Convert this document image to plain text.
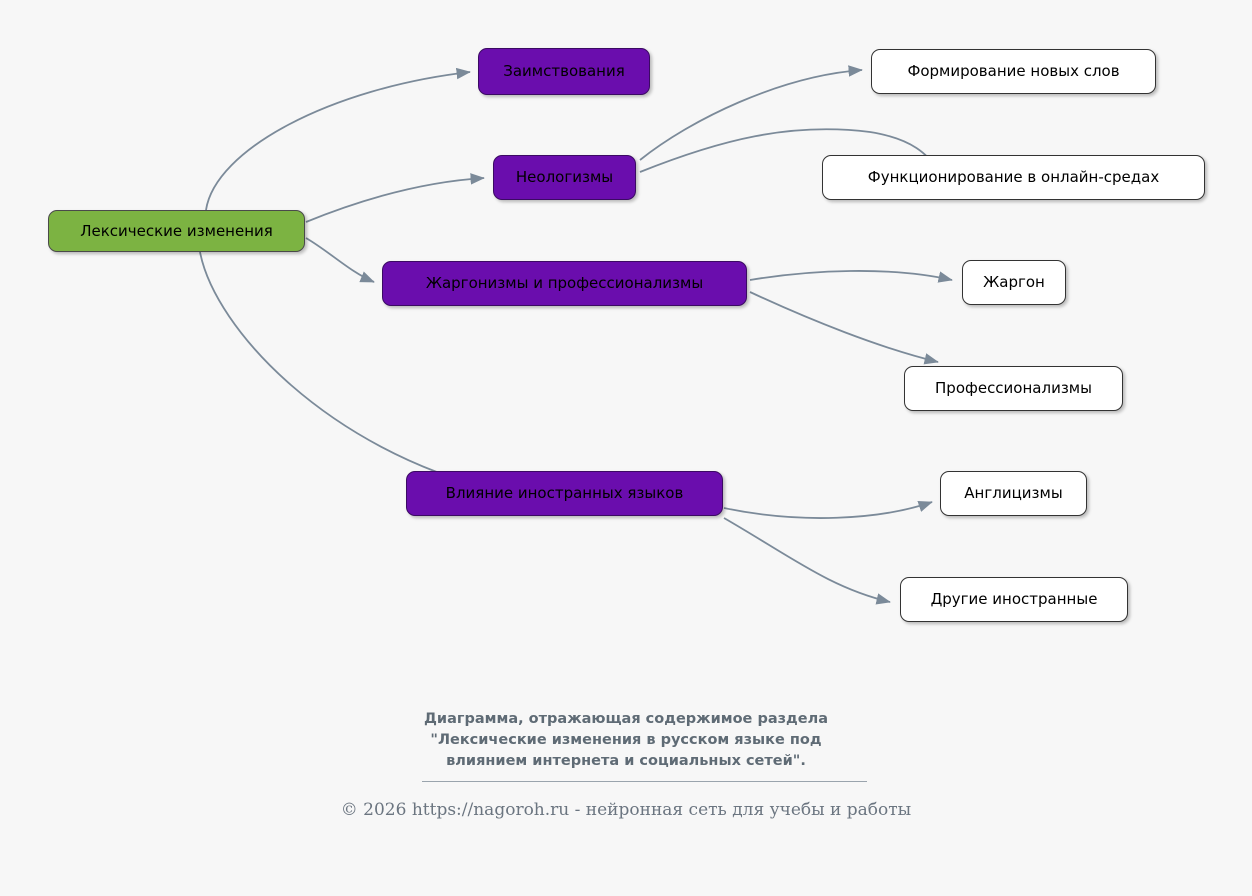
Лексические изменения
Заимствования
Неологизмы
Формирование новых слов
Функционирование в онлайн-средах
Жаргонизмы и профессионализмы	Жаргон
Профессионализмы
Влияние иностранных языков	Англицизмы
Другие иностранные
Диаграмма, отражающая содержимое раздела
"Лексические изменения в русском языке под
влиянием интернета и социальных сетей".
© 2026 https://nagoroh.ru - нейронная сеть для учебы и работы
